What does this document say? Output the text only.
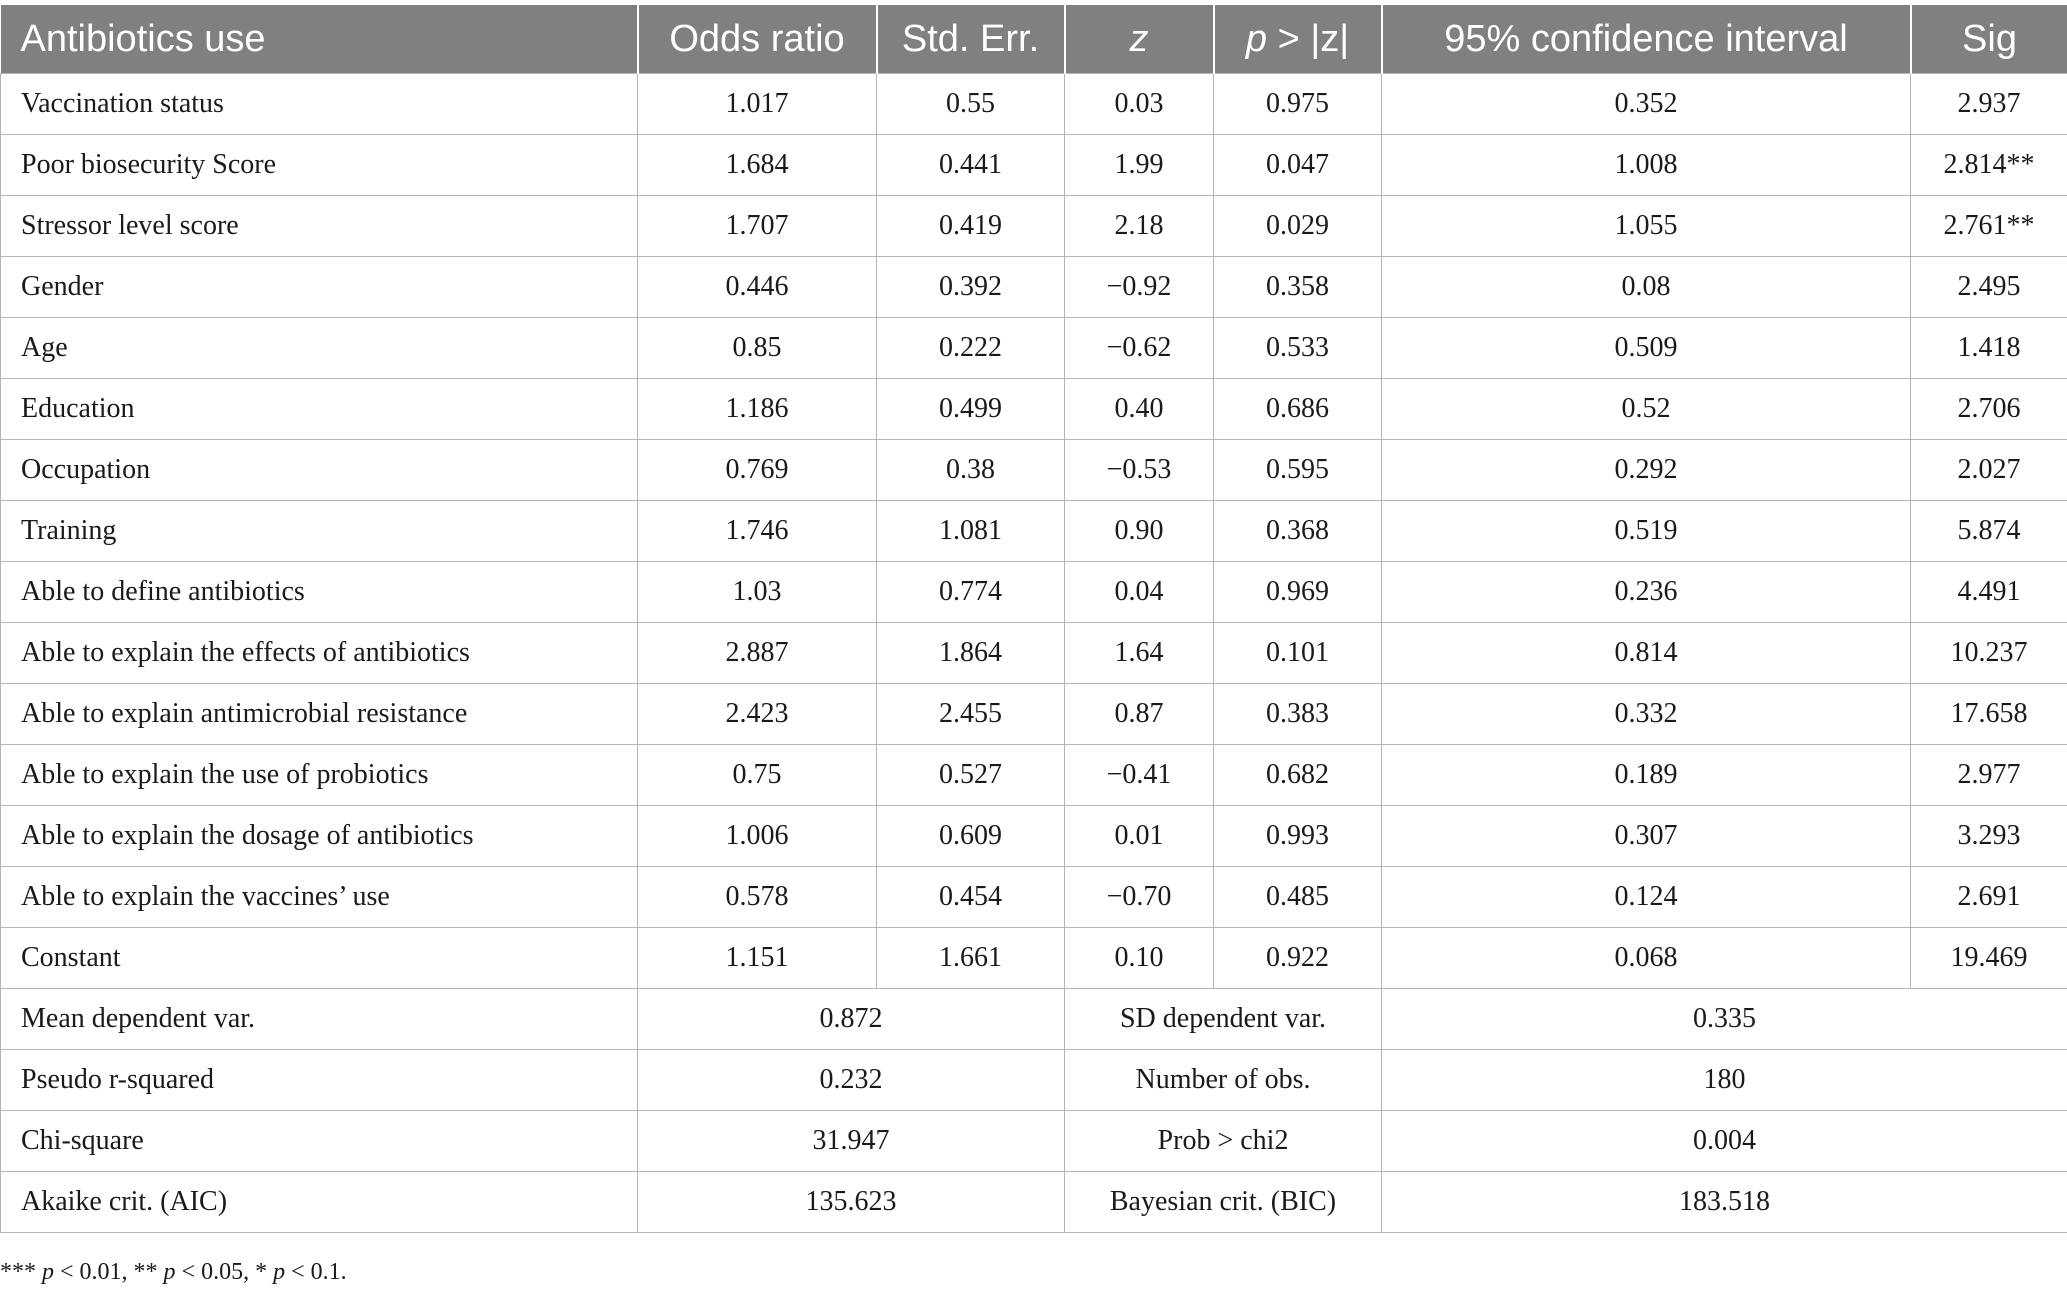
Antibiotics use	Odds ratio	Std. Err.	z	p > |z|	95% confidence interval	Sig
Vaccination status	1.017	0.55	0.03	0.975	0.352	2.937
Poor biosecurity Score	1.684	0.441	1.99	0.047	1.008	2.814**
Stressor level score	1.707	0.419	2.18	0.029	1.055	2.761**
Gender	0.446	0.392	−0.92	0.358	0.08	2.495
Age	0.85	0.222	−0.62	0.533	0.509	1.418
Education	1.186	0.499	0.40	0.686	0.52	2.706
Occupation	0.769	0.38	−0.53	0.595	0.292	2.027
Training	1.746	1.081	0.90	0.368	0.519	5.874
Able to define antibiotics	1.03	0.774	0.04	0.969	0.236	4.491
Able to explain the effects of antibiotics	2.887	1.864	1.64	0.101	0.814	10.237
Able to explain antimicrobial resistance	2.423	2.455	0.87	0.383	0.332	17.658
Able to explain the use of probiotics	0.75	0.527	−0.41	0.682	0.189	2.977
Able to explain the dosage of antibiotics	1.006	0.609	0.01	0.993	0.307	3.293
Able to explain the vaccines’ use	0.578	0.454	−0.70	0.485	0.124	2.691
Constant	1.151	1.661	0.10	0.922	0.068	19.469
Mean dependent var.	0.872		SD dependent var.		0.335	
Pseudo r-squared	0.232		Number of obs.		180	
Chi-square	31.947		Prob > chi2		0.004	
Akaike crit. (AIC)	135.623		Bayesian crit. (BIC)		183.518	
*** p < 0.01, ** p < 0.05, * p < 0.1.
